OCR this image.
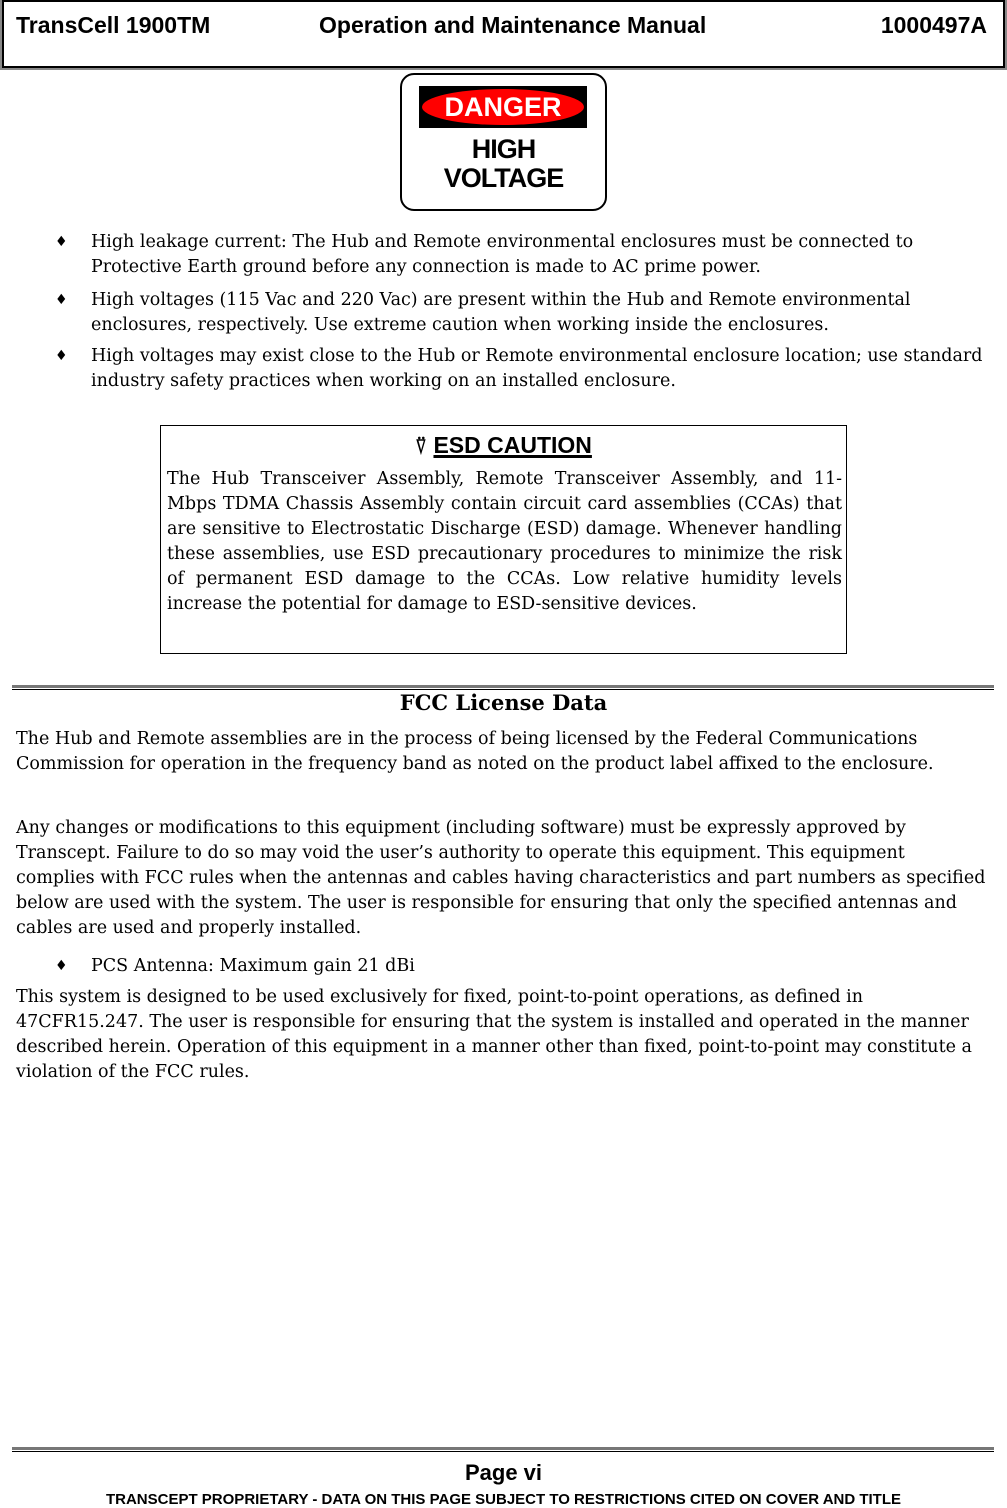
TransCell 1900TM	Operation and Maintenance Manual	1000497A
DANGER
HIGH
VOLTAGE
♦ High leakage current: The Hub and Remote environmental enclosures must be connected to Protective Earth ground before any connection is made to AC prime power.
♦ High voltages (115 Vac and 220 Vac) are present within the Hub and Remote environmental enclosures, respectively. Use extreme caution when working inside the enclosures.
♦ High voltages may exist close to the Hub or Remote environmental enclosure location; use standard industry safety practices when working on an installed enclosure.
⍢ ESD CAUTION
The Hub Transceiver Assembly, Remote Transceiver Assembly, and 11-Mbps TDMA Chassis Assembly contain circuit card assemblies (CCAs) that are sensitive to Electrostatic Discharge (ESD) damage. Whenever handling these assemblies, use ESD precautionary procedures to minimize the risk of permanent ESD damage to the CCAs. Low relative humidity levels increase the potential for damage to ESD-sensitive devices.
FCC License Data
The Hub and Remote assemblies are in the process of being licensed by the Federal Communications Commission for operation in the frequency band as noted on the product label affixed to the enclosure.
Any changes or modifications to this equipment (including software) must be expressly approved by Transcept. Failure to do so may void the user’s authority to operate this equipment. This equipment complies with FCC rules when the antennas and cables having characteristics and part numbers as specified below are used with the system. The user is responsible for ensuring that only the specified antennas and cables are used and properly installed.
♦ PCS Antenna: Maximum gain 21 dBi
This system is designed to be used exclusively for fixed, point-to-point operations, as defined in 47CFR15.247. The user is responsible for ensuring that the system is installed and operated in the manner described herein. Operation of this equipment in a manner other than fixed, point-to-point may constitute a violation of the FCC rules.
Page vi
TRANSCEPT PROPRIETARY - DATA ON THIS PAGE SUBJECT TO RESTRICTIONS CITED ON COVER AND TITLE
